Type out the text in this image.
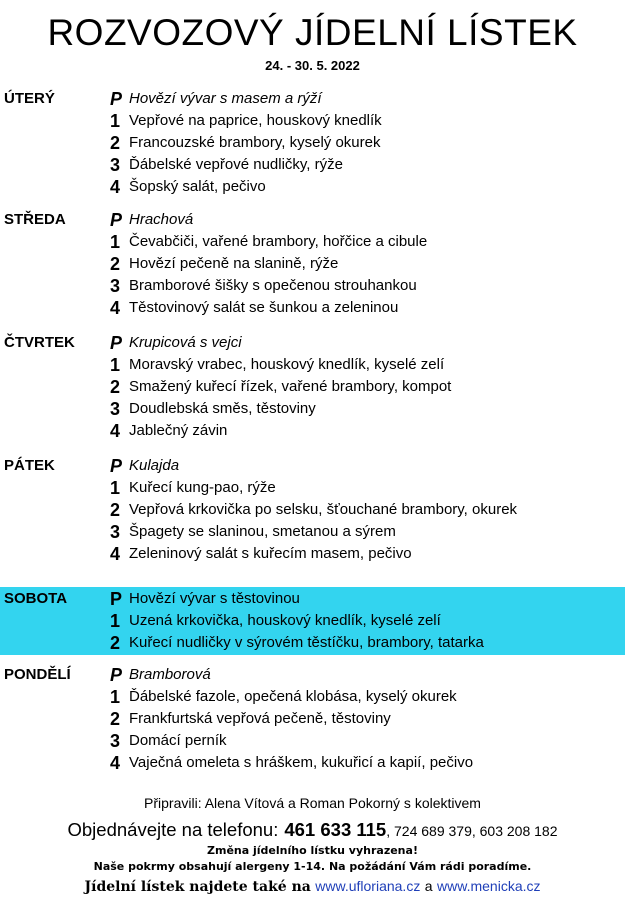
ROZVOZOVÝ JÍDELNÍ LÍSTEK
24. - 30. 5. 2022
ÚTERÝ	P Hovězí vývar s masem a rýží
1 Vepřové na paprice, houskový knedlík
2 Francouzské brambory, kyselý okurek
3 Ďábelské vepřové nudličky, rýže
4 Šopský salát, pečivo
STŘEDA P Hrachová
1 Čevabčiči, vařené brambory, hořčice a cibule
2 Hovězí pečeně na slanině, rýže
3 Bramborové šišky s opečenou strouhankou
4 Těstovinový salát se šunkou a zeleninou
ČTVRTEK P Krupicová s vejci
1 Moravský vrabec, houskový knedlík, kyselé zelí
2 Smažený kuřecí řízek, vařené brambory, kompot
3 Doudlebská směs, těstoviny
4 Jablečný závin
PÁTEK	P Kulajda
1 Kuřecí kung-pao, rýže
2 Vepřová krkovička po selsku, šťouchané brambory, okurek
3 Špagety se slaninou, smetanou a sýrem
4 Zeleninový salát s kuřecím masem, pečivo
SOBOTA P Hovězí vývar s těstovinou
1 Uzená krkovička, houskový knedlík, kyselé zelí
2 Kuřecí nudličky v sýrovém těstíčku, brambory, tatarka
PONDĚLÍ P Bramborová
1 Ďábelské fazole, opečená klobása, kyselý okurek
2 Frankfurtská vepřová pečeně, těstoviny
3 Domácí perník
4 Vaječná omeleta s hráškem, kukuřicí a kapií, pečivo
Připravili: Alena Vítová a Roman Pokorný s kolektivem
Objednávejte na telefonu: 461 633 115, 724 689 379, 603 208 182
Změna jídelního lístku vyhrazena!
Naše pokrmy obsahují alergeny 1-14. Na požádání Vám rádi poradíme.
Jídelní lístek najdete také na www.ufloriana.cz a www.menicka.cz
